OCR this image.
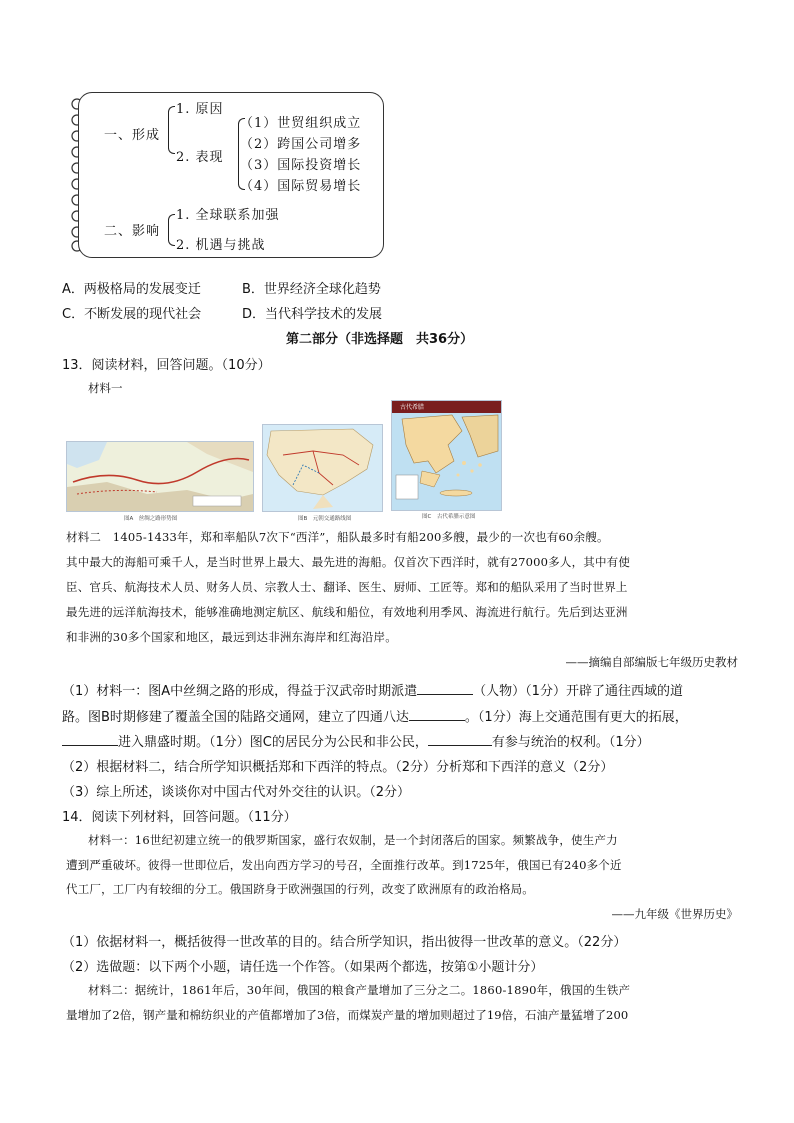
一、形成
1. 原因
2. 表现
（1）世贸组织成立
（2）跨国公司增多
（3）国际投资增长
（4）国际贸易增长
二、影响
1. 全球联系加强
2. 机遇与挑战
A．两极格局的发展变迁	B．世界经济全球化趋势
C．不断发展的现代社会	D．当代科学技术的发展
第二部分（非选择题　共36分）
13．阅读材料，回答问题。（10分）
材料一
图A　丝绸之路形势图	图B　元朝交通路线图
古代希腊
图C　古代希腊示意图
材料二　1405-1433年，郑和率船队7次下“西洋”，船队最多时有船200多艘，最少的一次也有60余艘。
其中最大的海船可乘千人，是当时世界上最大、最先进的海船。仅首次下西洋时，就有27000多人，其中有使
臣、官兵、航海技术人员、财务人员、宗教人士、翻译、医生、厨师、工匠等。郑和的船队采用了当时世界上
最先进的远洋航海技术，能够准确地测定航区、航线和船位，有效地利用季风、海流进行航行。先后到达亚洲
和非洲的30多个国家和地区，最远到达非洲东海岸和红海沿岸。
——摘编自部编版七年级历史教材
（1）材料一：图A中丝绸之路的形成，得益于汉武帝时期派遣	（人物）（1分）开辟了通往西域的道
路。图B时期修建了覆盖全国的陆路交通网，建立了四通八达	。（1分）海上交通范围有更大的拓展，
进入鼎盛时期。（1分）图C的居民分为公民和非公民，	有参与统治的权利。（1分）
（2）根据材料二，结合所学知识概括郑和下西洋的特点。（2分）分析郑和下西洋的意义（2分）
（3）综上所述，谈谈你对中国古代对外交往的认识。（2分）
14．阅读下列材料，回答问题。（11分）
材料一：16世纪初建立统一的俄罗斯国家，盛行农奴制，是一个封闭落后的国家。频繁战争，使生产力
遭到严重破坏。彼得一世即位后，发出向西方学习的号召，全面推行改革。到1725年，俄国已有240多个近
代工厂，工厂内有较细的分工。俄国跻身于欧洲强国的行列，改变了欧洲原有的政治格局。
——九年级《世界历史》
（1）依据材料一，概括彼得一世改革的目的。结合所学知识，指出彼得一世改革的意义。（22分）
（2）选做题：以下两个小题，请任选一个作答。（如果两个都选，按第①小题计分）
材料二：据统计，1861年后，30年间，俄国的粮食产量增加了三分之二。1860-1890年，俄国的生铁产
量增加了2倍，钢产量和棉纺织业的产值都增加了3倍，而煤炭产量的增加则超过了19倍，石油产量猛增了200
